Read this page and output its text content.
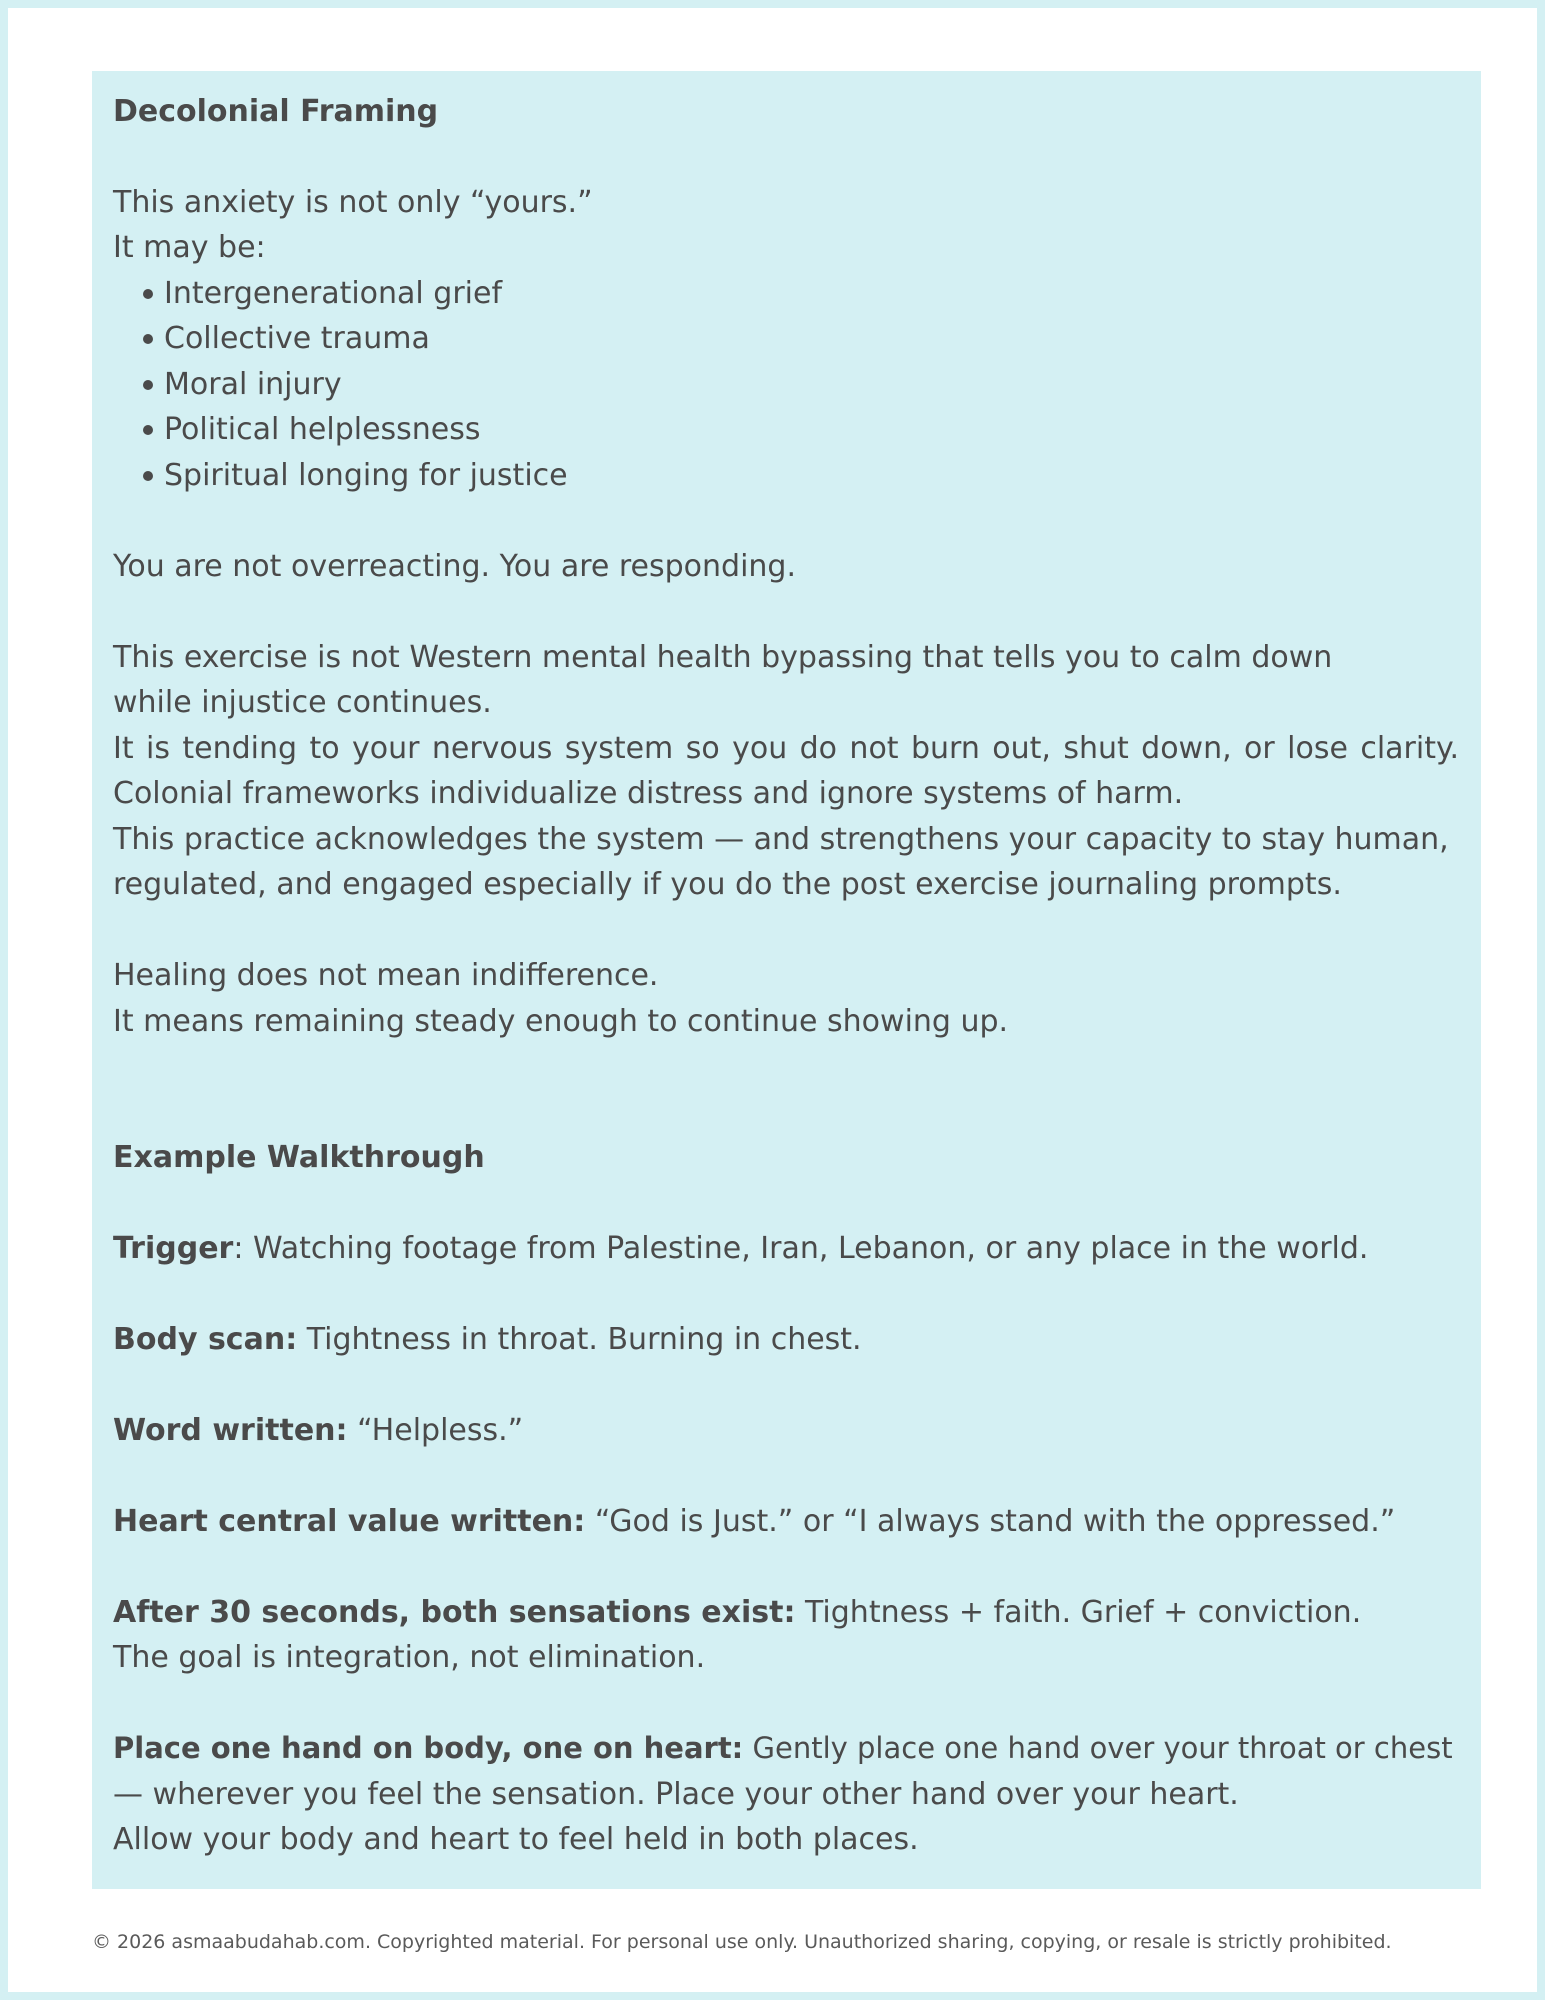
Decolonial Framing

This anxiety is not only “yours.”

It may be:

Intergenerational grief
Collective trauma
Moral injury
Political helplessness
Spiritual longing for justice

You are not overreacting. You are responding.

This exercise is not Western mental health bypassing that tells you to calm down

while injustice continues.

It is tending to your nervous system so you do not burn out, shut down, or lose clarity.

Colonial frameworks individualize distress and ignore systems of harm.

This practice acknowledges the system — and strengthens your capacity to stay human,

regulated, and engaged especially if you do the post exercise journaling prompts.

Healing does not mean indifference.

It means remaining steady enough to continue showing up.

Example Walkthrough

Trigger: Watching footage from Palestine, Iran, Lebanon, or any place in the world.

Body scan: Tightness in throat. Burning in chest.

Word written: “Helpless.”

Heart central value written: “God is Just.” or “I always stand with the oppressed.”

After 30 seconds, both sensations exist: Tightness + faith. Grief + conviction.

The goal is integration, not elimination.

Place one hand on body, one on heart: Gently place one hand over your throat or chest

— wherever you feel the sensation. Place your other hand over your heart.

Allow your body and heart to feel held in both places.

© 2026 asmaabudahab.com. Copyrighted material. For personal use only. Unauthorized sharing, copying, or resale is strictly prohibited.
